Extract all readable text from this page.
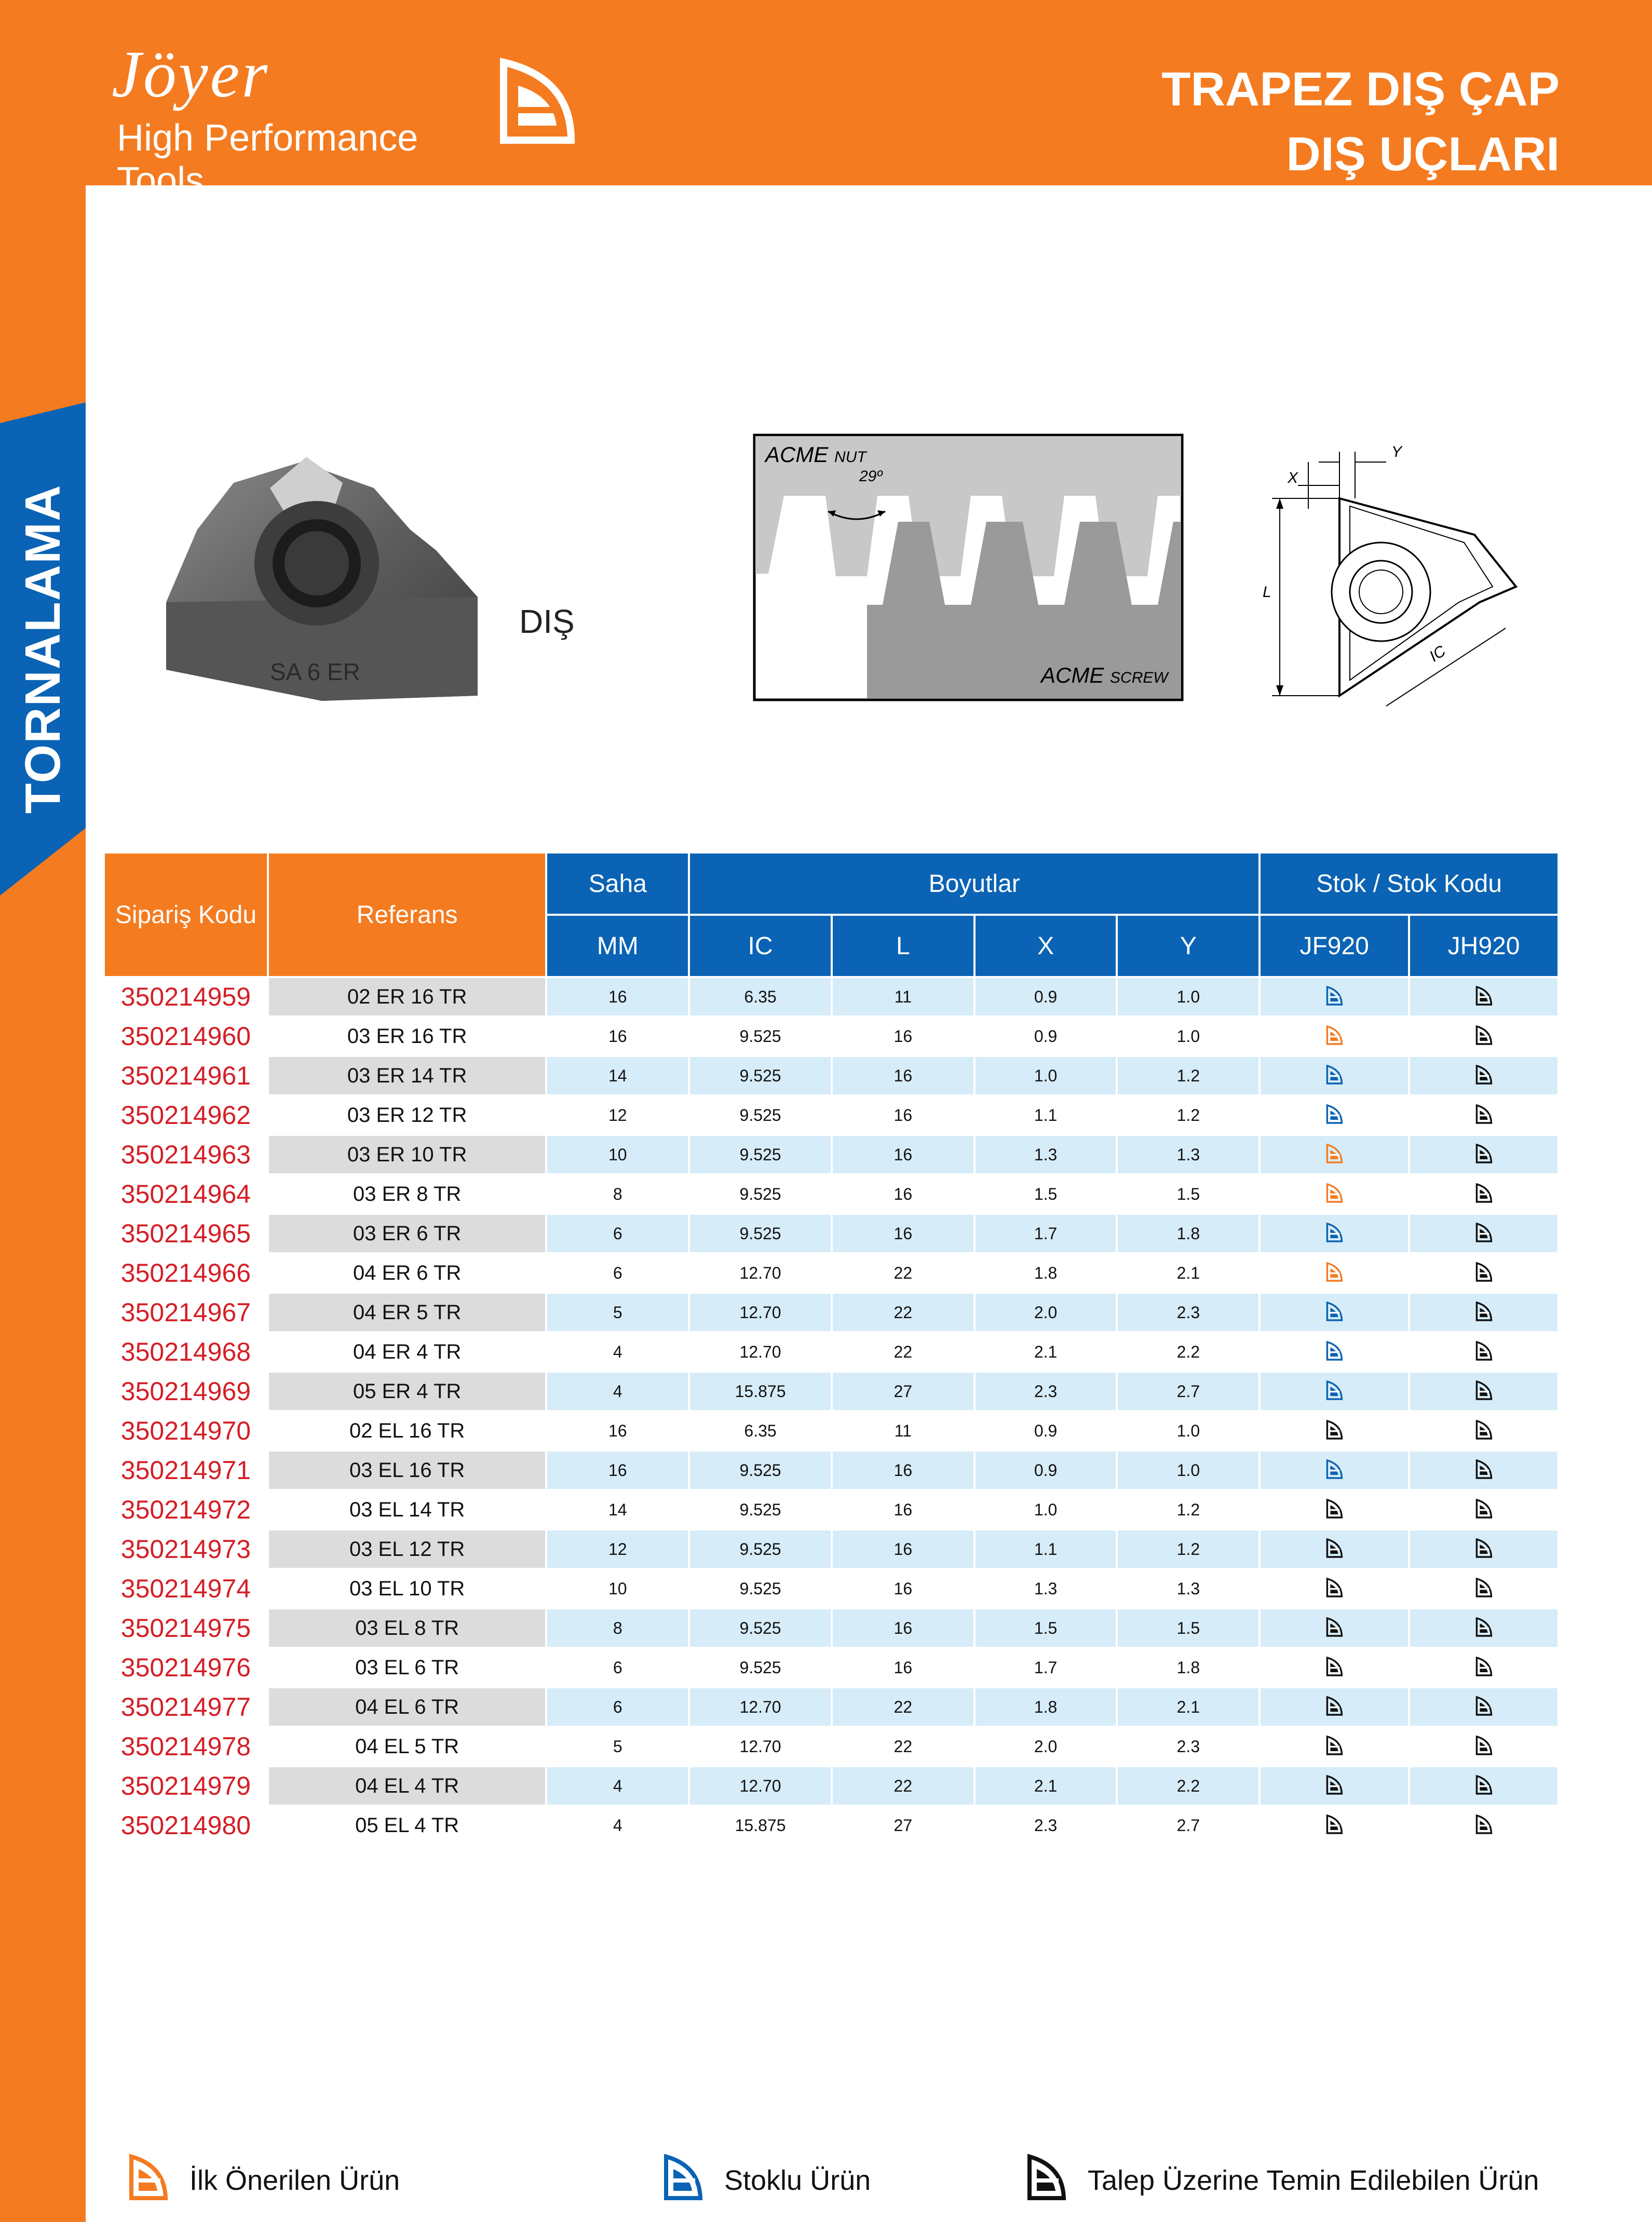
Jöyer
High Performance Tools
TRAPEZ DIŞ ÇAP
DIŞ UÇLARI
TORNALAMA	SA 6 ER
DIŞ
ACME NUT
29º
ACME SCREW
X
Y
L
IC
Sipariş Kodu	Referans	Saha	Boyutlar				Stok / Stok Kodu	
		MM	IC	L	X	Y	JF920	JH920
350214959	02 ER 16 TR	16	6.35	11	0.9	1.0		
350214960	03 ER 16 TR	16	9.525	16	0.9	1.0		
350214961	03 ER 14 TR	14	9.525	16	1.0	1.2		
350214962	03 ER 12 TR	12	9.525	16	1.1	1.2		
350214963	03 ER 10 TR	10	9.525	16	1.3	1.3		
350214964	03 ER 8 TR	8	9.525	16	1.5	1.5		
350214965	03 ER 6 TR	6	9.525	16	1.7	1.8		
350214966	04 ER 6 TR	6	12.70	22	1.8	2.1		
350214967	04 ER 5 TR	5	12.70	22	2.0	2.3		
350214968	04 ER 4 TR	4	12.70	22	2.1	2.2		
350214969	05 ER 4 TR	4	15.875	27	2.3	2.7		
350214970	02 EL 16 TR	16	6.35	11	0.9	1.0		
350214971	03 EL 16 TR	16	9.525	16	0.9	1.0		
350214972	03 EL 14 TR	14	9.525	16	1.0	1.2		
350214973	03 EL 12 TR	12	9.525	16	1.1	1.2		
350214974	03 EL 10 TR	10	9.525	16	1.3	1.3		
350214975	03 EL 8 TR	8	9.525	16	1.5	1.5		
350214976	03 EL 6 TR	6	9.525	16	1.7	1.8		
350214977	04 EL 6 TR	6	12.70	22	1.8	2.1		
350214978	04 EL 5 TR	5	12.70	22	2.0	2.3		
350214979	04 EL 4 TR	4	12.70	22	2.1	2.2		
350214980	05 EL 4 TR	4	15.875	27	2.3	2.7		
İlk Önerilen Ürün	Stoklu Ürün	Talep Üzerine Temin Edilebilen Ürün
